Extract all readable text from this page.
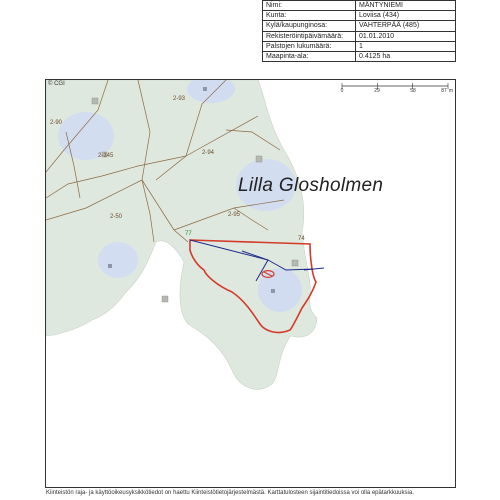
Nimi:	MÄNTYNIEMI
Kunta:	Loviisa (434)
Kylä/kaupunginosa:	VAHTERPÄÄ (485)
Rekisteröintipäivämäärä:	01.01.2010
Palstojen lukumäärä:	1
Maapinta-ala:	0.4125 ha
© CGI
0	29	58	87 m
Lilla Glosholmen
2-93
2-90
2-145	2-94
2-50	2-95
77
74
ıı
ıı
ıı
Kiinteistön raja- ja käyttöoikeusyksikkötiedot on haettu Kiinteistötietojärjestelmästä. Karttatulosteen sijaintitiedoissa voi olla epätarkkuuksia.
